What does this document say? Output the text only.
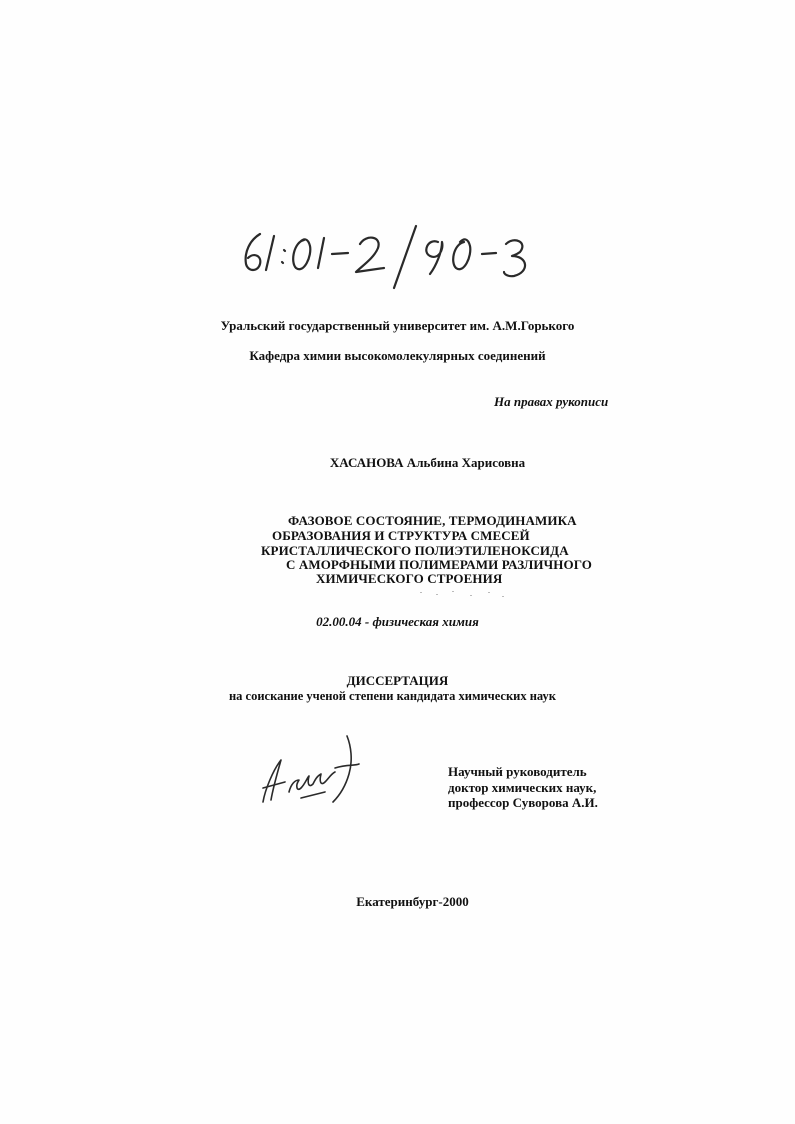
Уральский государственный университет им. А.М.Горького
Кафедра химии высокомолекулярных соединений
На правах рукописи
ХАСАНОВА Альбина Харисовна
ФАЗОВОЕ СОСТОЯНИЕ, ТЕРМОДИНАМИКА
ОБРАЗОВАНИЯ И СТРУКТУРА СМЕСЕЙ
КРИСТАЛЛИЧЕСКОГО ПОЛИЭТИЛЕНОКСИДА
С АМОРФНЫМИ ПОЛИМЕРАМИ РАЗЛИЧНОГО
ХИМИЧЕСКОГО СТРОЕНИЯ
02.00.04 - физическая химия
ДИССЕРТАЦИЯ
на соискание ученой степени кандидата химических наук
Научный руководитель
доктор химических наук,
профессор Суворова А.И.
Екатеринбург-2000
